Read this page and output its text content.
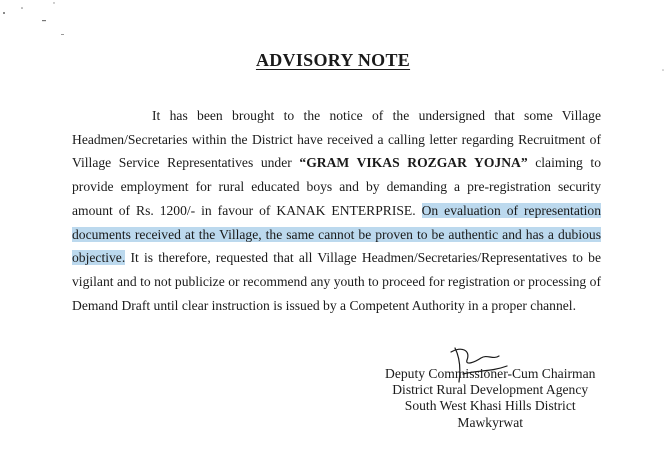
ADVISORY NOTE

It has been brought to the notice of the undersigned that some Village Headmen/Secretaries within the District have received a calling letter regarding Recruitment of Village Service Representatives under “GRAM VIKAS ROZGAR YOJNA” claiming to provide employment for rural educated boys and by demanding a pre-registration security amount of Rs. 1200/- in favour of KANAK ENTERPRISE. On evaluation of representation documents received at the Village, the same cannot be proven to be authentic and has a dubious objective. It is therefore, requested that all Village Headmen/Secretaries/Representatives to be vigilant and to not publicize or recommend any youth to proceed for registration or processing of Demand Draft until clear instruction is issued by a Competent Authority in a proper channel.

Deputy Commissioner-Cum Chairman
District Rural Development Agency
South West Khasi Hills District
Mawkyrwat
